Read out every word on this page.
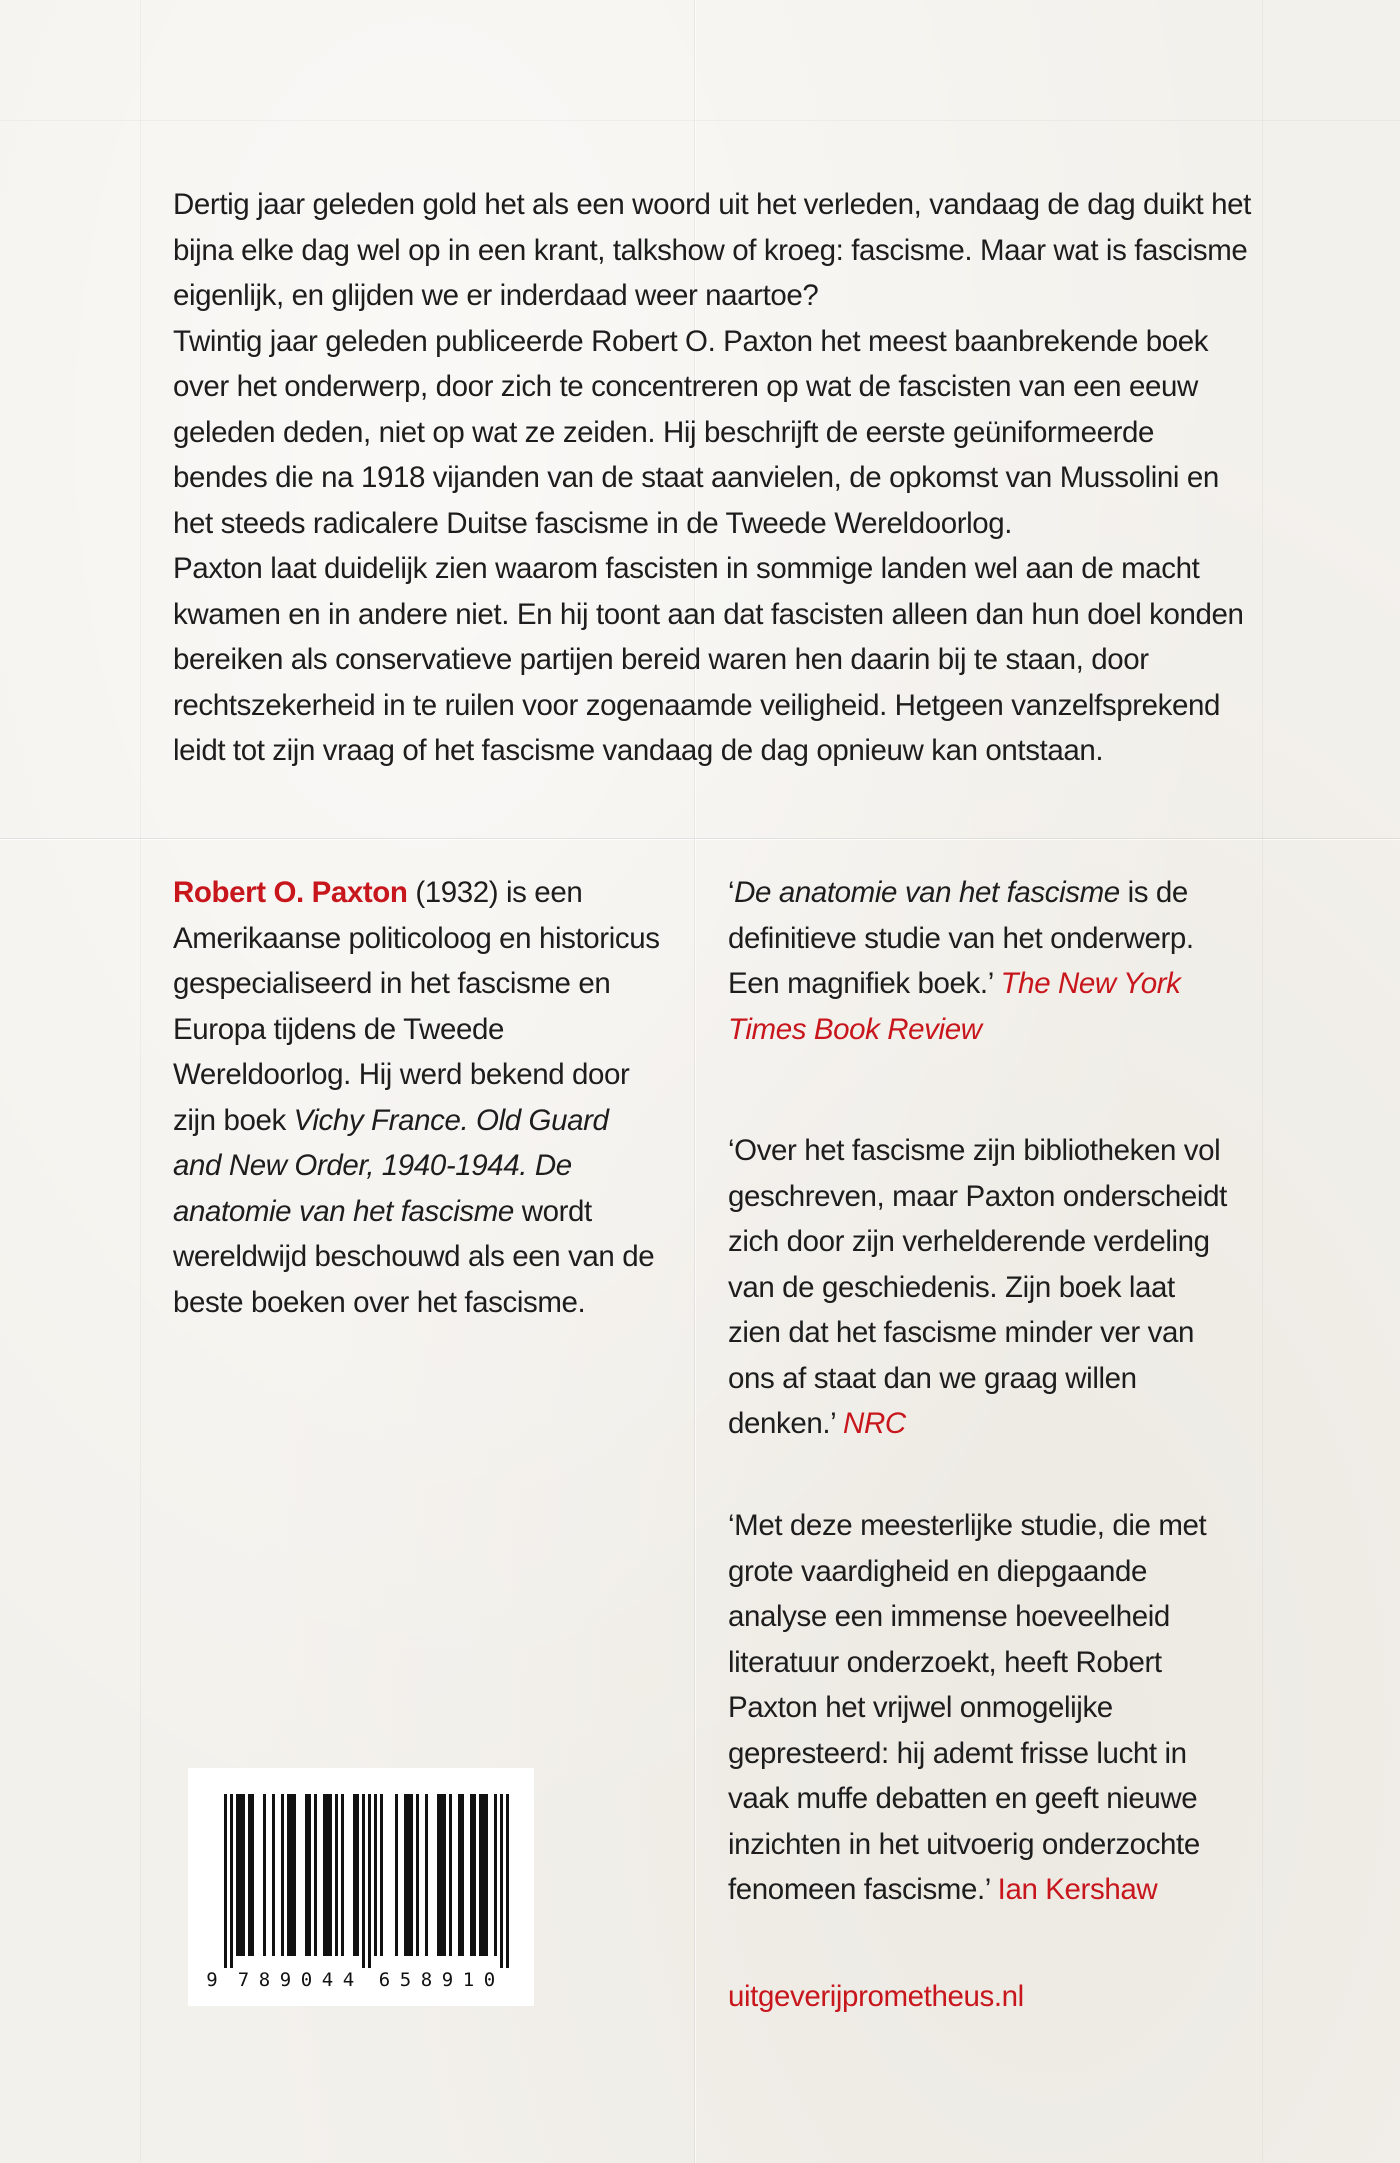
Dertig jaar geleden gold het als een woord uit het verleden, vandaag de dag duikt het bijna elke dag wel op in een krant, talkshow of kroeg: fascisme. Maar wat is fascisme eigenlijk, en glijden we er inderdaad weer naartoe?

Twintig jaar geleden publiceerde Robert O. Paxton het meest baanbrekende boek over het onderwerp, door zich te concentreren op wat de fascisten van een eeuw geleden deden, niet op wat ze zeiden. Hij beschrijft de eerste geüniformeerde bendes die na 1918 vijanden van de staat aanvielen, de opkomst van Mussolini en het steeds radicalere Duitse fascisme in de Tweede Wereldoorlog.

Paxton laat duidelijk zien waarom fascisten in sommige landen wel aan de macht kwamen en in andere niet. En hij toont aan dat fascisten alleen dan hun doel konden bereiken als conservatieve partijen bereid waren hen daarin bij te staan, door rechtszekerheid in te ruilen voor zogenaamde veiligheid. Hetgeen vanzelfsprekend leidt tot zijn vraag of het fascisme vandaag de dag opnieuw kan ontstaan.

Robert O. Paxton (1932) is een Amerikaanse politicoloog en historicus gespecialiseerd in het fascisme en Europa tijdens de Tweede Wereldoorlog. Hij werd bekend door zijn boek Vichy France. Old Guard and New Order, 1940-1944. De anatomie van het fascisme wordt wereldwijd beschouwd als een van de beste boeken over het fascisme.

‘De anatomie van het fascisme is de definitieve studie van het onderwerp. Een magnifiek boek.’ The New York Times Book Review

‘Over het fascisme zijn bibliotheken vol geschreven, maar Paxton onderscheidt zich door zijn verhelderende verdeling van de geschiedenis. Zijn boek laat zien dat het fascisme minder ver van ons af staat dan we graag willen denken.’ NRC

‘Met deze meesterlijke studie, die met grote vaardigheid en diepgaande analyse een immense hoeveelheid literatuur onderzoekt, heeft Robert Paxton het vrijwel onmogelijke gepresteerd: hij ademt frisse lucht in vaak muffe debatten en geeft nieuwe inzichten in het uitvoerig onderzochte fenomeen fascisme.’ Ian Kershaw

9 7 8 9 0 4 4 6 5 8 9 1 0	uitgeverijprometheus.nl
